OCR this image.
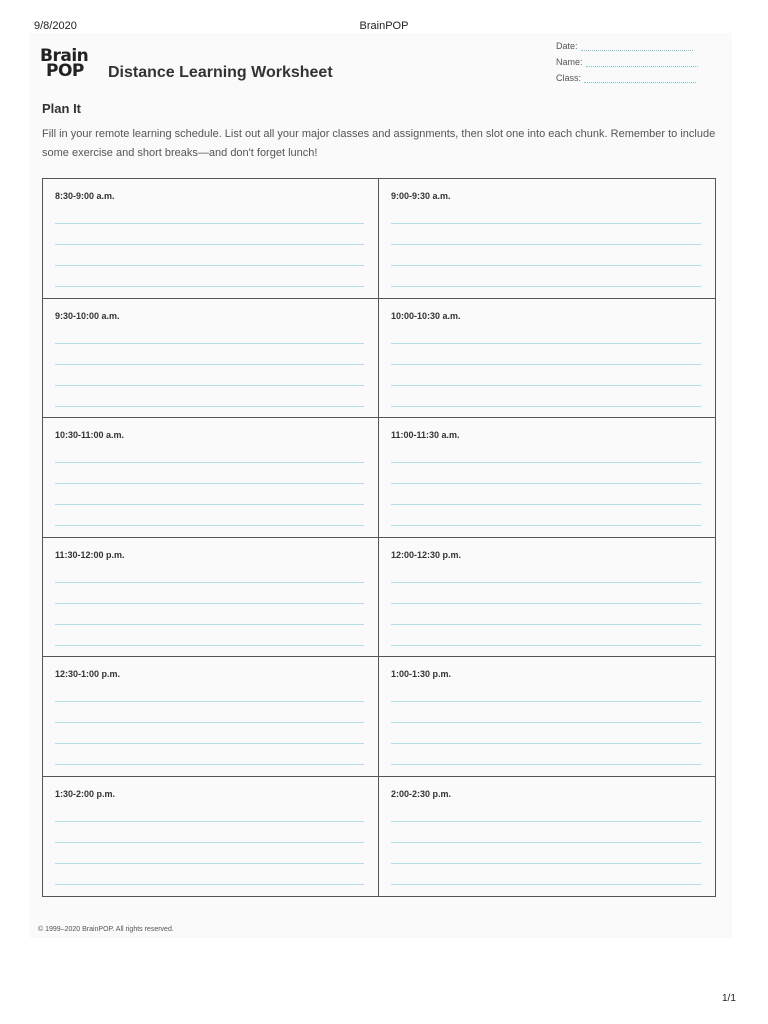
9/8/2020	BrainPOP
Brain
POP Distance Learning Worksheet
Date:
Name:
Class:
Plan It
Fill in your remote learning schedule. List out all your major classes and assignments, then slot one into each chunk. Remember to include some exercise and short breaks—and don't forget lunch!
8:30-9:00 a.m.	9:00-9:30 a.m.
9:30-10:00 a.m.	10:00-10:30 a.m.
10:30-11:00 a.m.	11:00-11:30 a.m.
11:30-12:00 p.m.	12:00-12:30 p.m.
12:30-1:00 p.m.	1:00-1:30 p.m.
1:30-2:00 p.m.	2:00-2:30 p.m.
© 1999–2020 BrainPOP. All rights reserved.
1/1
